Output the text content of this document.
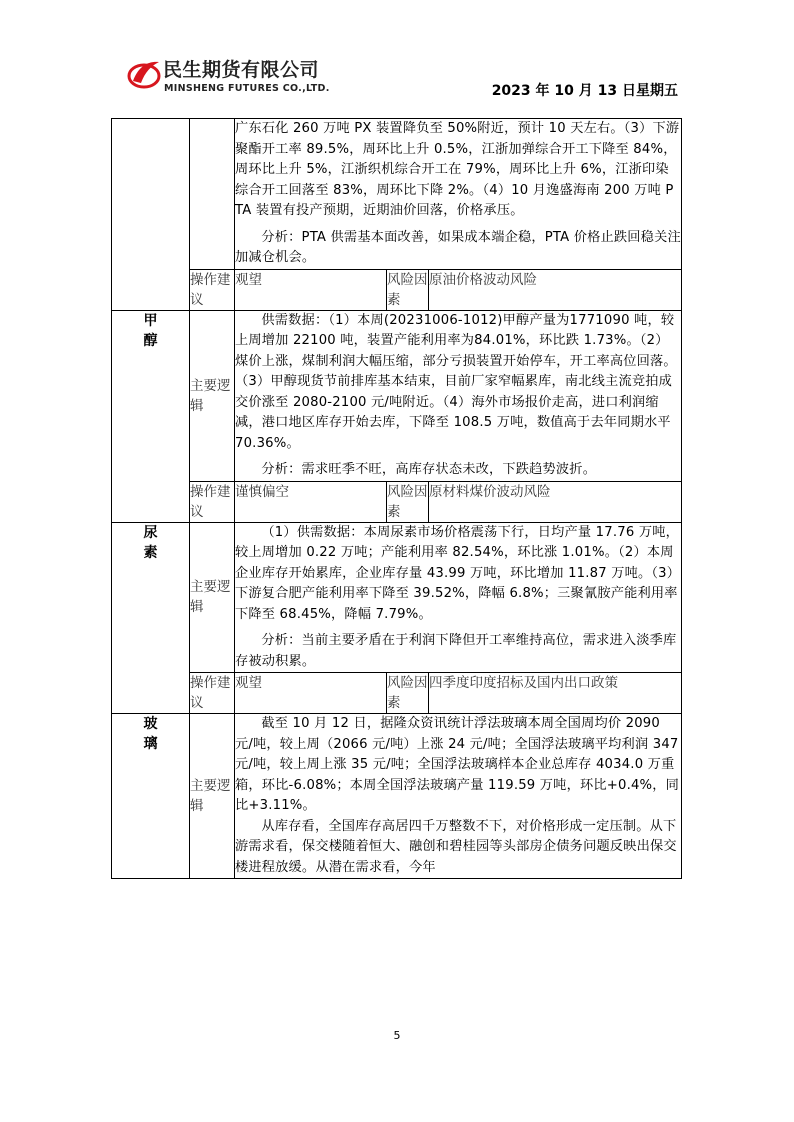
民生期货有限公司
MINSHENG FUTURES CO.,LTD.	2023 年 10 月 13 日星期五

		广东石化 260 万吨 PX 装置降负至 50%附近，预计 10 天左右。（3）下游聚酯开工率 89.5%，周环比上升 0.5%，江浙加弹综合开工下降至 84%，周环比上升 5%，江浙织机综合开工在 79%，周环比上升 6%，江浙印染综合开工回落至 83%，周环比下降 2%。（4）10 月逸盛海南 200 万吨 PTA 装置有投产预期，近期油价回落，价格承压。

分析：PTA 供需基本面改善，如果成本端企稳，PTA 价格止跌回稳关注加减仓机会。		

	操作建议	观望	风险因素	原油价格波动风险
甲醇	主要逻辑	供需数据：（1）本周(20231006-1012)甲醇产量为1771090 吨，较上周增加 22100 吨，装置产能利用率为84.01%，环比跌 1.73%。（2）煤价上涨，煤制利润大幅压缩，部分亏损装置开始停车，开工率高位回落。（3）甲醇现货节前排库基本结束，目前厂家窄幅累库，南北线主流竞拍成交价涨至 2080-2100 元/吨附近。（4）海外市场报价走高，进口利润缩减，港口地区库存开始去库，下降至 108.5 万吨，数值高于去年同期水平 70.36%。

分析：需求旺季不旺，高库存状态未改，下跌趋势波折。		

	操作建议	谨慎偏空	风险因素	原材料煤价波动风险
尿素	主要逻辑	（1）供需数据：本周尿素市场价格震荡下行，日均产量 17.76 万吨，较上周增加 0.22 万吨；产能利用率 82.54%，环比涨 1.01%。（2）本周企业库存开始累库，企业库存量 43.99 万吨，环比增加 11.87 万吨。（3）下游复合肥产能利用率下降至 39.52%，降幅 6.8%；三聚氰胺产能利用率下降至 68.45%，降幅 7.79%。

分析：当前主要矛盾在于利润下降但开工率维持高位，需求进入淡季库存被动积累。		

	操作建议	观望	风险因素	四季度印度招标及国内出口政策
玻璃	主要逻辑	截至 10 月 12 日，据隆众资讯统计浮法玻璃本周全国周均价 2090 元/吨，较上周（2066 元/吨）上涨 24 元/吨；全国浮法玻璃平均利润 347 元/吨，较上周上涨 35 元/吨；全国浮法玻璃样本企业总库存 4034.0 万重箱，环比-6.08%；本周全国浮法玻璃产量 119.59 万吨，环比+0.4%，同比+3.11%。

从库存看，全国库存高居四千万整数不下，对价格形成一定压制。从下游需求看，保交楼随着恒大、融创和碧桂园等头部房企债务问题反映出保交楼进程放缓。从潜在需求看，今年		

5
